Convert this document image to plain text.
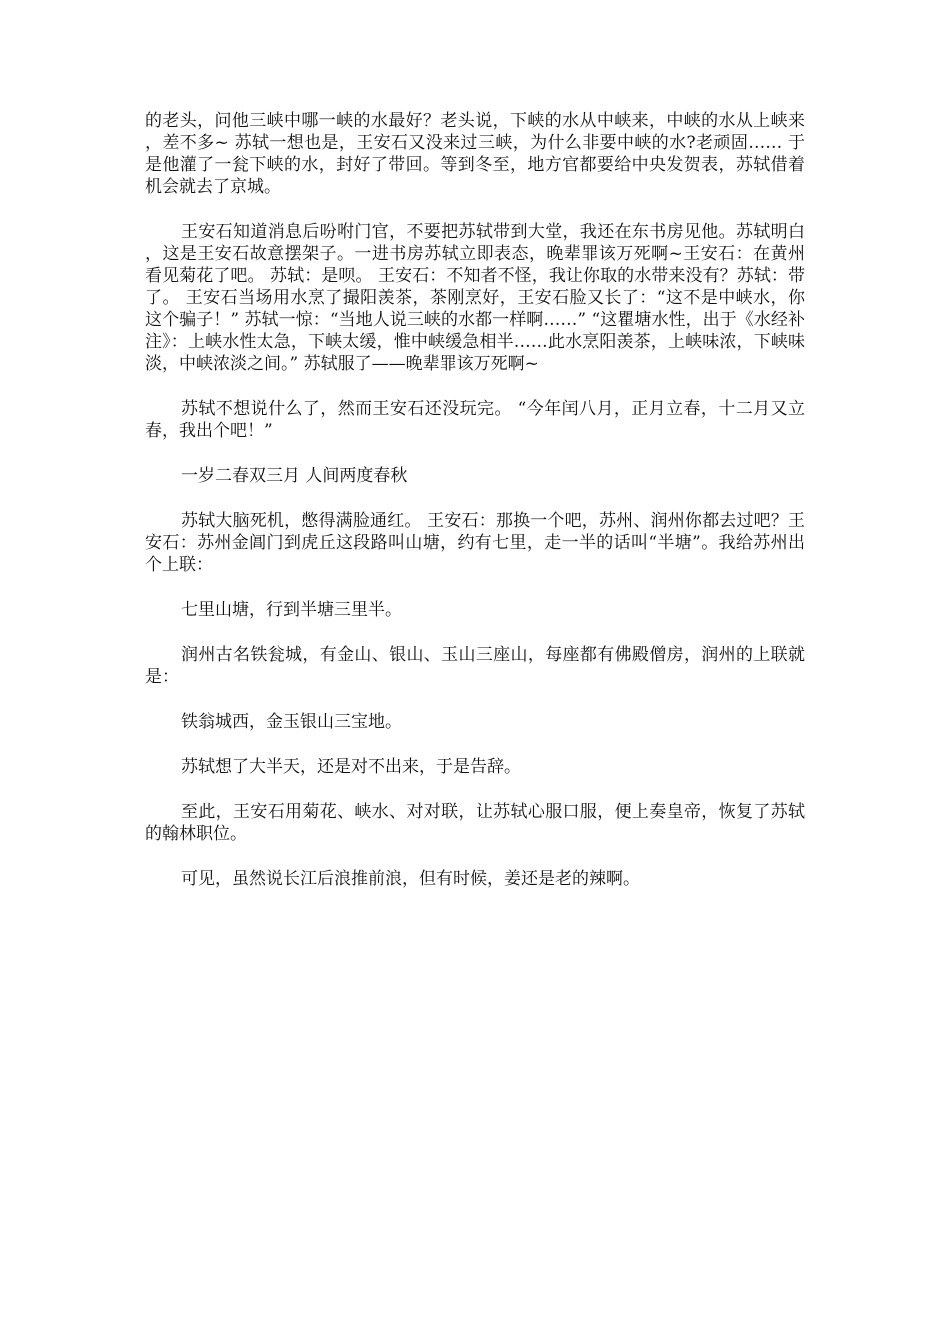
的老头，问他三峡中哪一峡的水最好？老头说，下峡的水从中峡来，中峡的水从上峡来，差不多~ 苏轼一想也是，王安石又没来过三峡，为什么非要中峡的水?老顽固…… 于是他灌了一瓮下峡的水，封好了带回。等到冬至，地方官都要给中央发贺表，苏轼借着机会就去了京城。

王安石知道消息后吩咐门官，不要把苏轼带到大堂，我还在东书房见他。苏轼明白，这是王安石故意摆架子。一进书房苏轼立即表态，晚辈罪该万死啊~王安石：在黄州看见菊花了吧。 苏轼：是呗。 王安石：不知者不怪，我让你取的水带来没有？苏轼：带了。 王安石当场用水烹了撮阳羡茶，茶刚烹好，王安石脸又长了：“这不是中峡水，你这个骗子！” 苏轼一惊：“当地人说三峡的水都一样啊……” “这瞿塘水性，出于《水经补注》：上峡水性太急，下峡太缓，惟中峡缓急相半……此水烹阳羡茶，上峡味浓，下峡味淡，中峡浓淡之间。” 苏轼服了——晚辈罪该万死啊~

苏轼不想说什么了，然而王安石还没玩完。 “今年闰八月，正月立春，十二月又立春，我出个吧！”

一岁二春双三月 人间两度春秋

苏轼大脑死机，憋得满脸通红。 王安石：那换一个吧，苏州、润州你都去过吧？王安石：苏州金阊门到虎丘这段路叫山塘，约有七里，走一半的话叫“半塘”。我给苏州出个上联：

七里山塘，行到半塘三里半。

润州古名铁瓮城，有金山、银山、玉山三座山，每座都有佛殿僧房，润州的上联就是：

铁翁城西，金玉银山三宝地。

苏轼想了大半天，还是对不出来，于是告辞。

至此，王安石用菊花、峡水、对对联，让苏轼心服口服，便上奏皇帝，恢复了苏轼的翰林职位。

可见，虽然说长江后浪推前浪，但有时候，姜还是老的辣啊。
